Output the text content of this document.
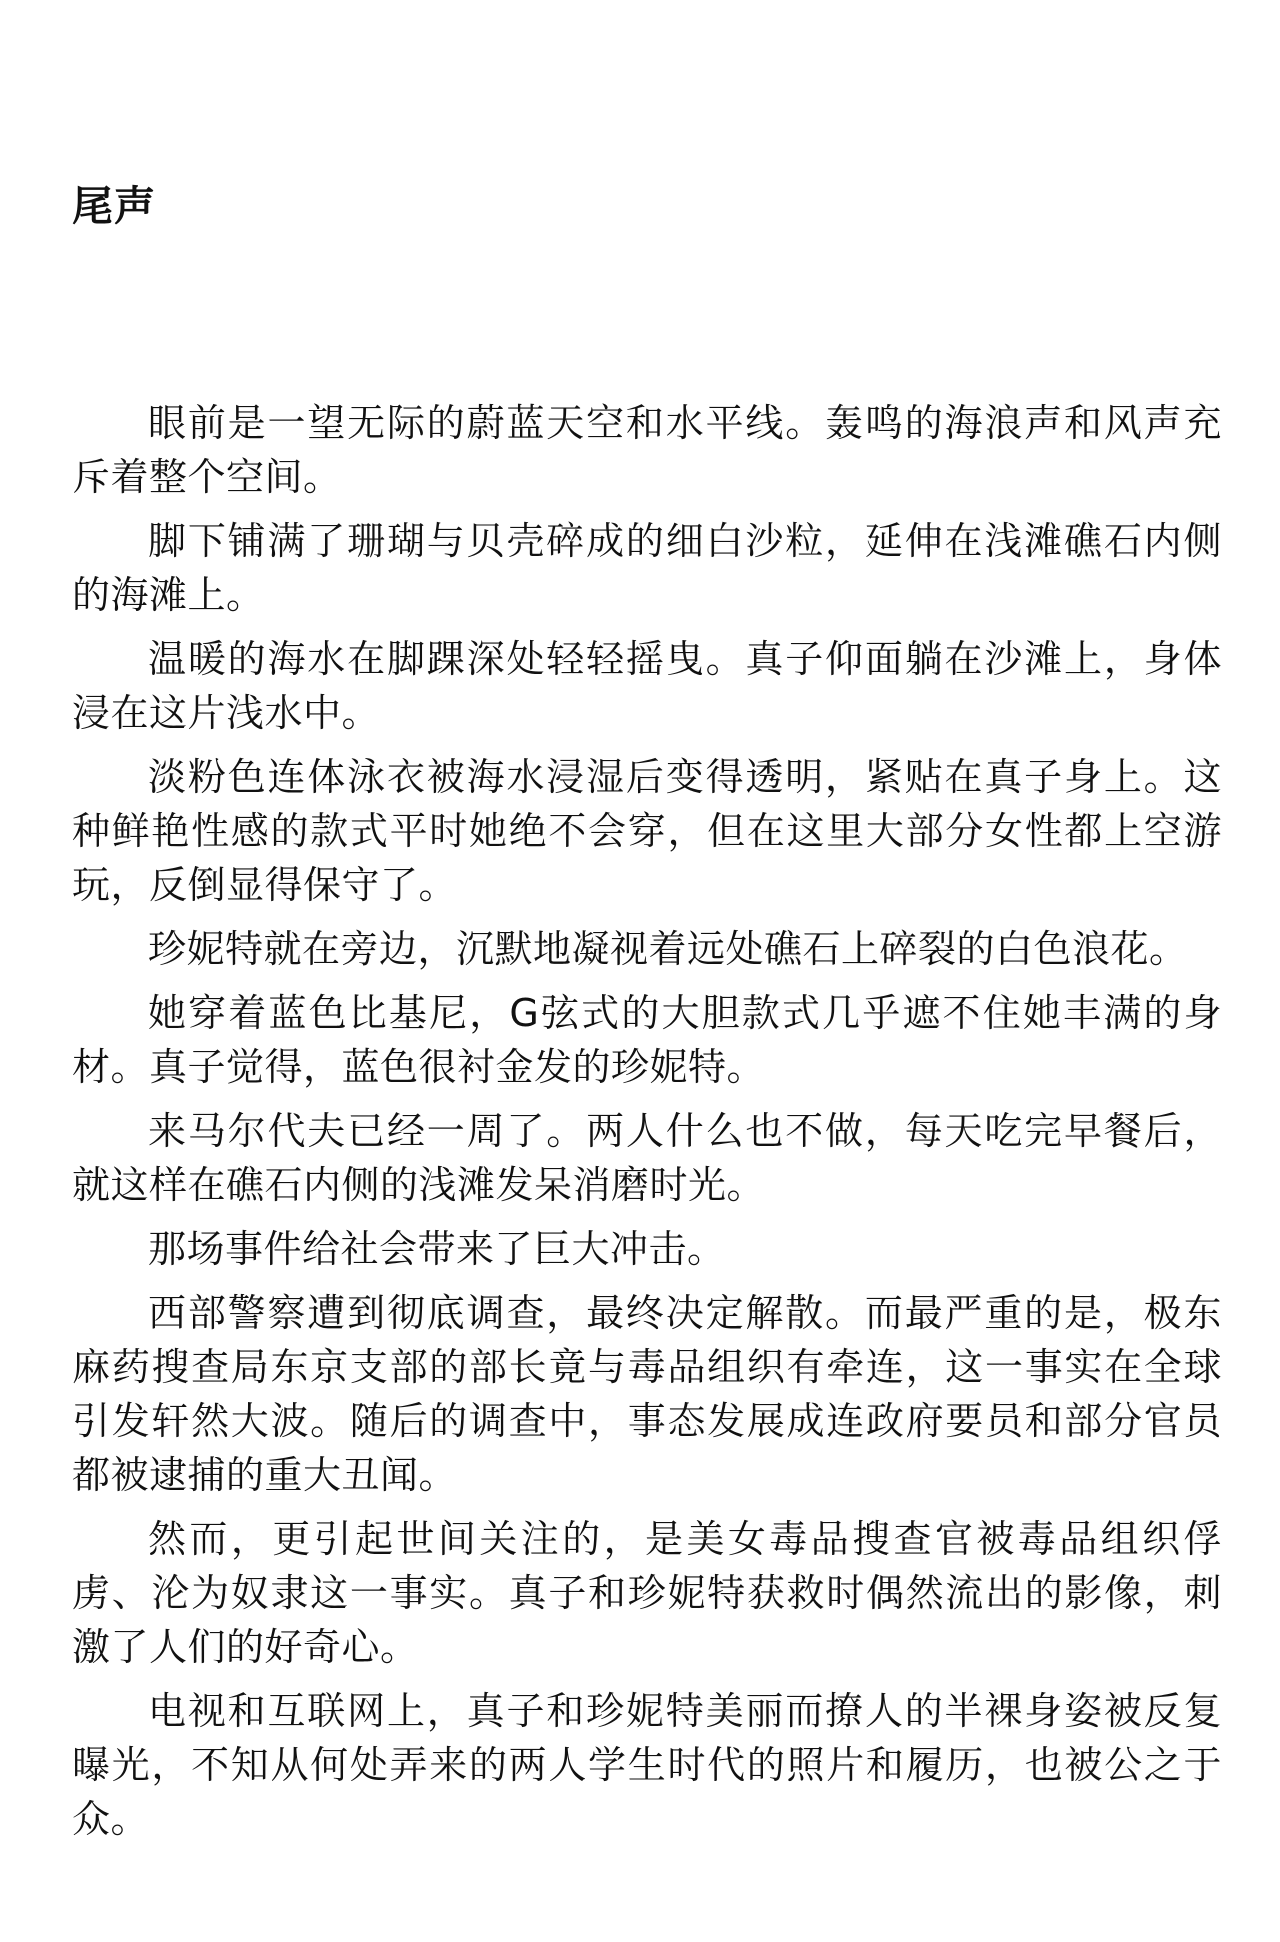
尾声

眼前是一望无际的蔚蓝天空和水平线。轰鸣的海浪声和风声充斥着整个空间。

脚下铺满了珊瑚与贝壳碎成的细白沙粒，延伸在浅滩礁石内侧的海滩上。

温暖的海水在脚踝深处轻轻摇曳。真子仰面躺在沙滩上，身体浸在这片浅水中。

淡粉色连体泳衣被海水浸湿后变得透明，紧贴在真子身上。这种鲜艳性感的款式平时她绝不会穿，但在这里大部分女性都上空游玩，反倒显得保守了。

珍妮特就在旁边，沉默地凝视着远处礁石上碎裂的白色浪花。

她穿着蓝色比基尼，G弦式的大胆款式几乎遮不住她丰满的身材。真子觉得，蓝色很衬金发的珍妮特。

来马尔代夫已经一周了。两人什么也不做，每天吃完早餐后，就这样在礁石内侧的浅滩发呆消磨时光。

那场事件给社会带来了巨大冲击。

西部警察遭到彻底调查，最终决定解散。而最严重的是，极东麻药搜查局东京支部的部长竟与毒品组织有牵连，这一事实在全球引发轩然大波。随后的调查中，事态发展成连政府要员和部分官员都被逮捕的重大丑闻。

然而，更引起世间关注的，是美女毒品搜查官被毒品组织俘虏、沦为奴隶这一事实。真子和珍妮特获救时偶然流出的影像，刺激了人们的好奇心。

电视和互联网上，真子和珍妮特美丽而撩人的半裸身姿被反复曝光，不知从何处弄来的两人学生时代的照片和履历，也被公之于众。
